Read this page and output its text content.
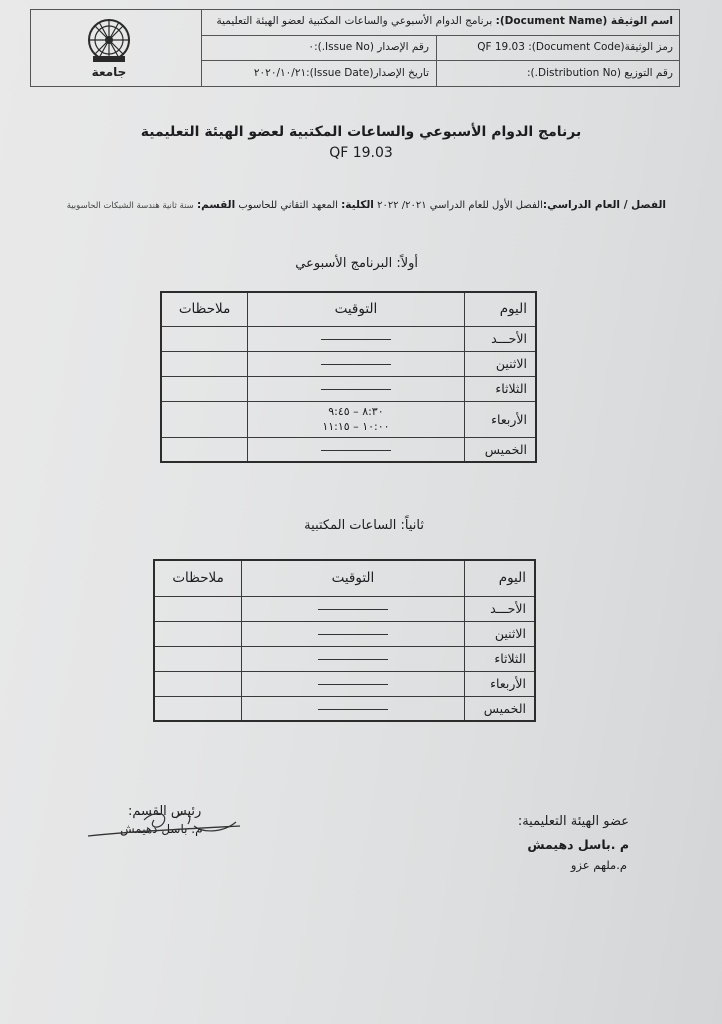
جامعة
اسم الوثيقة (Document Name): برنامج الدوام الأسبوعي والساعات المكتبية لعضو الهيئة التعليمية
رمز الوثيقة(Document Code): QF 19.03
رقم الإصدار (Issue No.):٠
رقم التوزيع (Distribution No.):
تاريخ الإصدار(Issue Date):٢٠٢٠/١٠/٢١
برنامج الدوام الأسبوعي والساعات المكتبية لعضو الهيئة التعليمية
QF 19.03
الفصل / العام الدراسي:الفصل الأول للعام الدراسي ٢٠٢١/ ٢٠٢٢ الكلية: المعهد التقاني للحاسوب القسم: سنة ثانية هندسة الشبكات الحاسوبية
أولاً: البرنامج الأسبوعي
اليوم	التوقيت	ملاحظات
الأحـــد		
الاثنين		
الثلاثاء		
الأربعاء	٨:٣٠ – ٩:٤٥
١٠:٠٠ – ١١:١٥	

الخميس		
ثانياً: الساعات المكتبية
اليوم	التوقيت	ملاحظات
الأحـــد		
الاثنين		
الثلاثاء		
الأربعاء		
الخميس		
عضو الهيئة التعليمية:
م .باسل دهيمش
م.ملهم عزو
رئيس القسم:
م. باسل دهيمش
